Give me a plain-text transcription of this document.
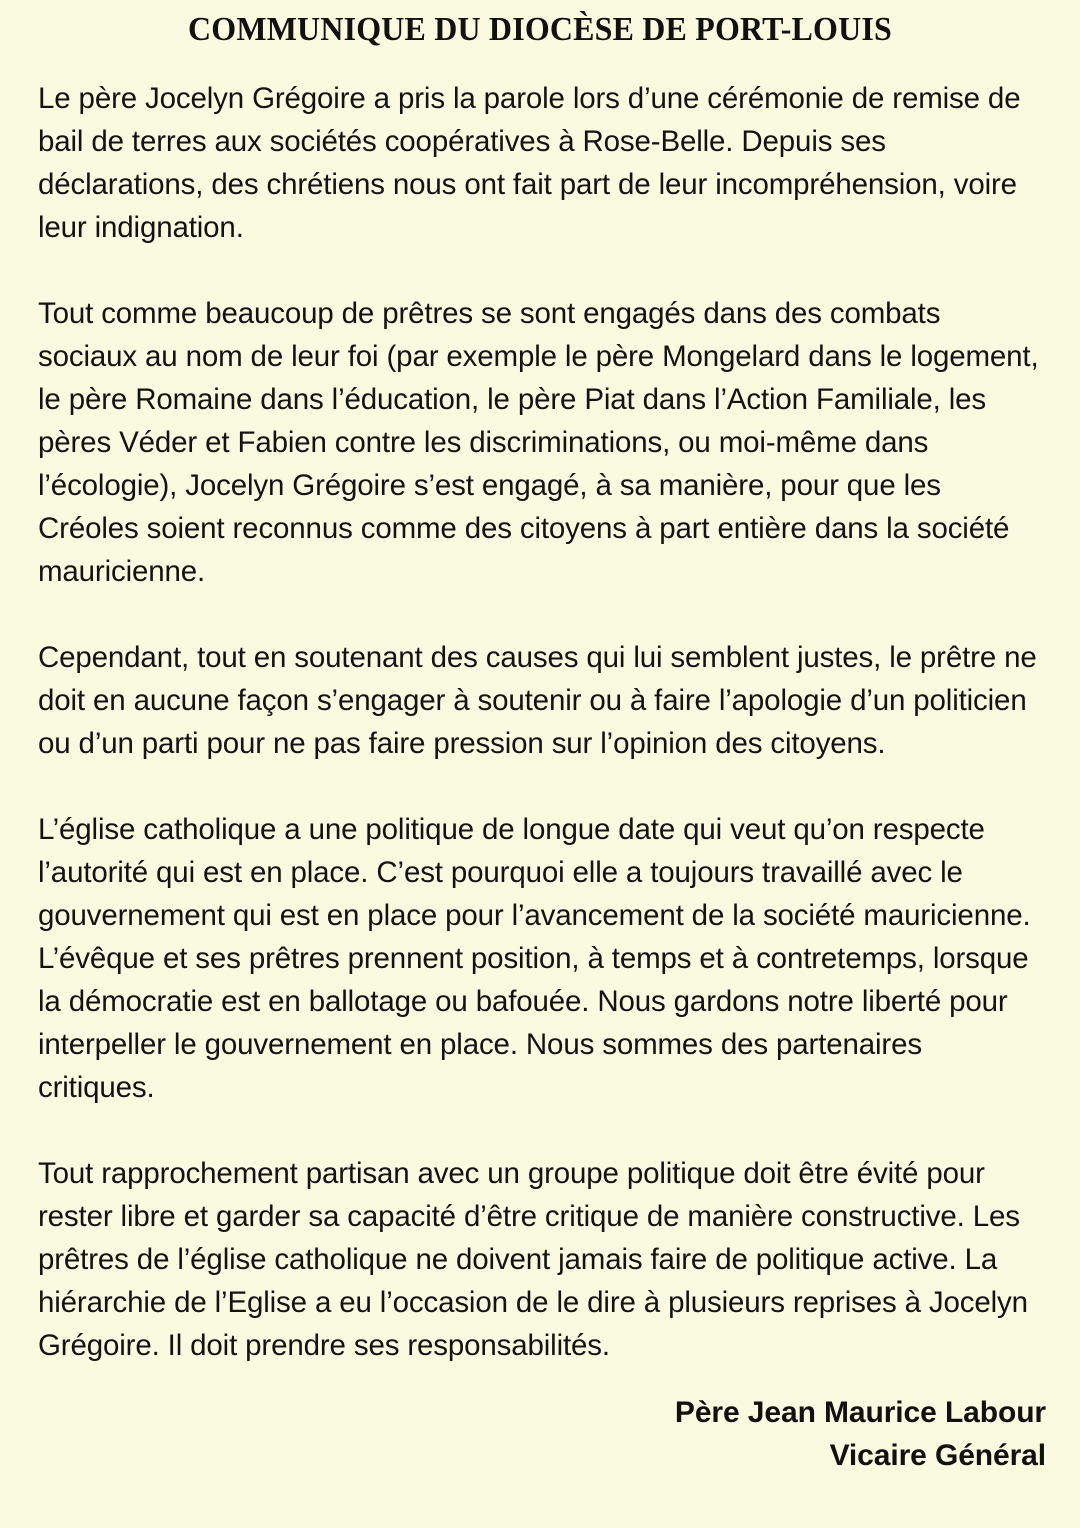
COMMUNIQUE DU DIOCÈSE DE PORT-LOUIS

Le père Jocelyn Grégoire a pris la parole lors d’une cérémonie de remise de bail de terres aux sociétés coopératives à Rose-Belle. Depuis ses déclarations, des chrétiens nous ont fait part de leur incompréhension, voire leur indignation.

Tout comme beaucoup de prêtres se sont engagés dans des combats sociaux au nom de leur foi (par exemple le père Mongelard dans le logement, le père Romaine dans l’éducation, le père Piat dans l’Action Familiale, les pères Véder et Fabien contre les discriminations, ou moi-même dans l’écologie), Jocelyn Grégoire s’est engagé, à sa manière, pour que les Créoles soient reconnus comme des citoyens à part entière dans la société mauricienne.

Cependant, tout en soutenant des causes qui lui semblent justes, le prêtre ne doit en aucune façon s’engager à soutenir ou à faire l’apologie d’un politicien ou d’un parti pour ne pas faire pression sur l’opinion des citoyens.

L’église catholique a une politique de longue date qui veut qu’on respecte l’autorité qui est en place. C’est pourquoi elle a toujours travaillé avec le gouvernement qui est en place pour l’avancement de la société mauricienne. L’évêque et ses prêtres prennent position, à temps et à contretemps, lorsque la démocratie est en ballotage ou bafouée. Nous gardons notre liberté pour interpeller le gouvernement en place. Nous sommes des partenaires critiques.

Tout rapprochement partisan avec un groupe politique doit être évité pour  rester libre et garder sa capacité d’être critique de manière constructive. Les prêtres de l’église catholique ne doivent jamais faire de politique active. La hiérarchie de l’Eglise a eu l’occasion de le dire à plusieurs reprises à Jocelyn Grégoire. Il doit prendre ses responsabilités.

Père Jean Maurice Labour
Vicaire Général
